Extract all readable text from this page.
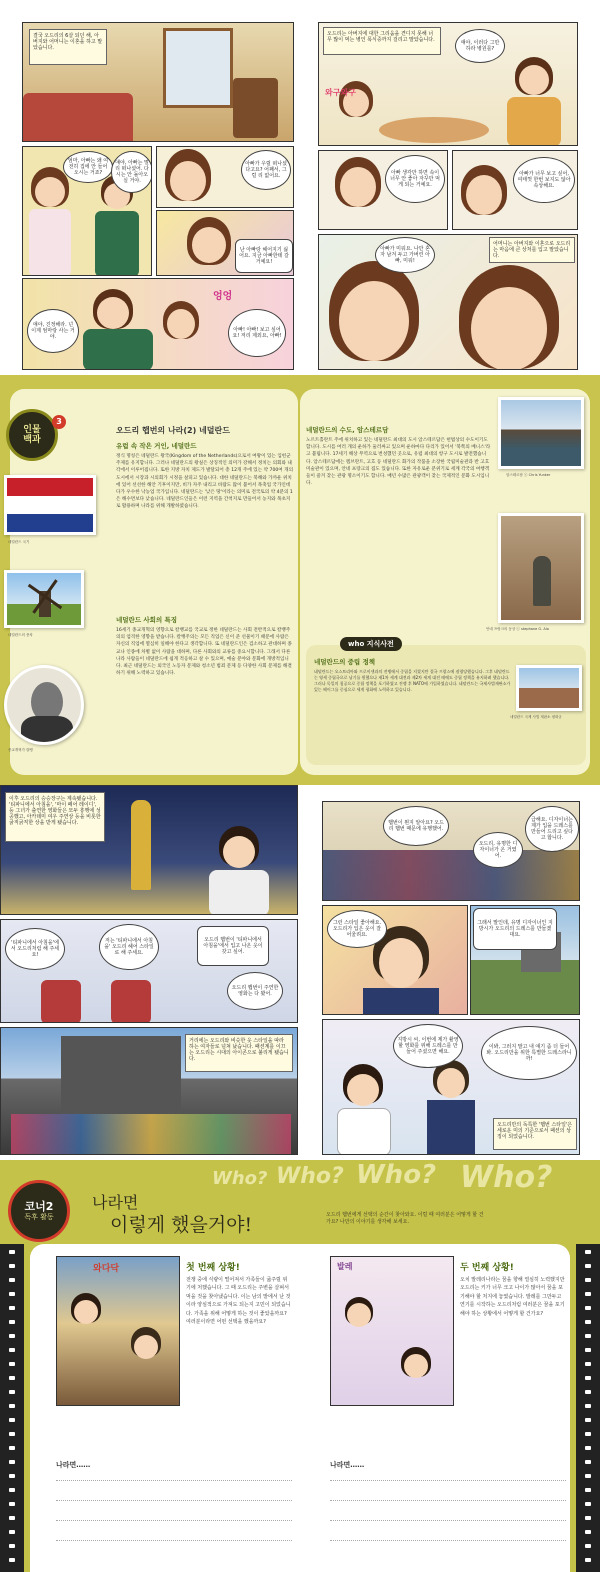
결국 오드리의 6살 되던 해, 아버지와 어머니는 이혼을 하고 말았습니다.
엄마, 아빠는 왜 여전히 집에 안 들어오시는 거죠?
얘야, 아빠는 멀리 떠나셨어. 다시는 안 돌아오실 거야.
아빠가 우릴 떠나셨다고요? 어째서, 그럴 리 없어요.
난 아빠랑 헤어지기 싫어요. 지금 아빠한테 갈 거예요!
얘야, 진정해라. 넌 이제 엄마랑 사는 거야.
엉엉
아빠! 아빠! 보고 싶어요! 저리 제외요, 아빠!
오드리는 아버지에 대한 그리움을 견디지 못해 너무 많이 먹는 병인 폭식증까지 걸리고 말았습니다.	얘야, 이러다 그만하라 병원를?
와구와구
아빠 생각만 하면 속이 너무 안 좋아 자꾸만 먹게 되는 거예요.
아빠가 너무 보고 싶어, 여태껏 한번 보지도 않아 속상해요.
아빠가 미워요. 나만 혼자 남겨 두고 가버린 아빠, 미워!
어머니는 아버지와 이혼으로 오드리는 마음에 큰 상처를 입고 말았습니다.
인물
백과
3
오드리 햅번의 나라(2) 네덜란드
네덜란드 국기
네덜란드의 풍차
종교개혁가 칼뱅
유럽 속 작은 거인, 네덜란드
정식 명칭은 네덜란드 왕국(Kingdom of the Netherlands)으로서 여왕이 있는 입헌군주제를 유지합니다. 그러나 네덜란드의 왕실은 상징적인 의미가 강해서 정치는 의회와 내각에서 이루어집니다. 또한 지방 자치 제도가 발달되어 총 12개 주에 있는 약 700여 개의 도시에서 시장과 시의회가 시정을 살피고 있습니다. 대한 네덜란드는 북해와 가까운 위치에 있어 선선한 해안 기후이지만, 비가 자주 내리고 바람도 많이 불어서 목축업 국가인데다가 우수한 낙농업 국가입니다. 네덜란드는 '낮은 땅'이라는 의미로 전국토의 약 4분의 1은 해수면보다 낮습니다. 네덜란드인들은 이런 지역을 간척지로 만들어서 농지와 목초지로 활용하며 나라를 위해 개발하였습니다.
네덜란드 사회의 특징
16세기 종교개혁의 영향으로 칼뱅교를 국교로 정한 네덜란드는 사회 전반적으로 칼뱅주의의 엄격한 영향을 받습니다. 칼뱅주의는 모든 직업은 신이 준 선물이기 때문에 사람은 자신의 직업에 열심히 일해야 한다고 생각합니다. 또 네덜란드인은 검소하고 관대하며 종교나 인종에 차별 없이 사람을 대하며, 다른 사회와의 교류를 중요시합니다. 그래서 다른 나라 사람들이 네덜란드에 쉽게 적응하고 살 수 있으며, 예술 분야와 문화에 개방적입니다. 최근 네덜란드는 외국인 노동자 문제와 청소년 범죄 문제 등 다양한 사회 문제를 해결하기 위해 노력하고 있습니다.
네덜란드의 수도, 암스테르담
노르트홀란트 주에 위치하고 있는 네덜란드 최대의 도시 암스테르담은 헌법상의 수도이기도 합니다. 도시를 여러 개의 운하가 둘러싸고 있으며 운하마다 다리가 있어서 '북쪽의 베니스'라고 불립니다. 17세기 해상 무역으로 번성했던 곳으로, 유럽 최대의 항구 도시로 발전했습니다. 암스테르담에는 렘브란트, 고흐 등 네덜란드 화가의 작품을 소장한 국립미술관과 반 고흐 미술관이 있으며, 안네 프랑크의 집도 있습니다. 또한 자유로운 분위기로 세계 각국의 여행객들이 즐겨 찾는 관광 명소이기도 합니다. 매년 수많은 관광객이 찾는 국제적인 문화 도시입니다.
암스테르담 ⓒ Chris Yunker
안네 프랑크의 동상 ⓒ stephane G. Alo
who 지식사전
네덜란드의 중립 정책
네덜란드는 오스트리아와 프로이센과의 전쟁에서 중립을 지켰지만 결국 프랑스에 점령당했습니다. 그후 네덜란드는 영세 중립국으로 남기를 원했으나 제1차 세계 대전과 제2차 세계 대전 때에도 중립 정책을 유지하려 했습니다. 그러나 독일의 침공으로 중립 정책을 포기하였고 전쟁 후 NATO에 가입하였습니다. 네덜란드는 국제사법재판소가 있는 헤이그를 중심으로 세계 평화에 노력하고 있습니다.
네덜란드 국제 사법 재판소 평화궁
이후 오드리의 승승장구는 계속됐습니다. '티파니에서 아침을', '마이 페어 레이디', 등 그녀가 출연한 영화들은 모두 흥행에 성공했고, 아카데미 여우 주연상 등을 비롯한 굵직굵직한 상을 받게 됐습니다.
'티파니에서 아침을'에서 오드리처럼 해 주세요!
저는 '티파니에서 아침을' 오드리 헤어 스타일로 해 주세요.
오드리 햅번이 '티파니에서 아침을'에서 입고 나온 옷이 갖고 싶어.
오드리 햅번이 주연한 영화는 다 봤어.
거리에는 오드리와 비슷한 옷 스타일을 따라 하는 여자들로 넘쳐 났습니다. 패션계를 이끄는 오드리는 시대의 아이콘으로 불리게 됐습니다.
햅번이 뭔지 알아요? 오드리 햅번 때문에 유행했어.
오드리, 유명한 디자이너가 온 거였어.
급해요. 디자이너는 제가 입을 드레스를 만들어 드리고 싶다고 합니다.
그런 스타일 좋아해요. 오드리가 입은 옷이 잘 어울려요.
그래서 말인데, 유명 디자이너인 지방시가 오드리의 드레스를 만들겠대요.
지방시 씨, 이번에 제가 촬영할 영화를 위해 드레스를 만들어 주셨으면 해요.
이봐, 그러지 말고 내 얘기 좀 더 들어 봐. 오드리만을 위한 특별한 드레스라니까!
오드리만의 독특한 '햅번 스타일'은 세로운 미의 기준으로서 패션의 상징이 되었습니다.
Who? Who? Who? Who?
코너2
독후 활동
나라면
이렇게 했을거야!	오드리 햅번에게 선택의 순간이 찾아와요. 이럴 때 여러분은 어떻게 할 건가요? 나만의 이야기를 생각해 보세요.
와다닥	첫 번째 상황!
전쟁 중에 식량이 떨어져서 가족들이 굶주릴 위기에 처했습니다. 그 때 오드리는 주변을 살펴서 먹을 것을 찾아냈습니다. 이는 남의 밭에서 난 것이라 양심적으로 가져도 되는지 고민이 되었습니다. 가족을 위해 어떻게 하는 것이 좋았을까요? 여러분이라면 어떤 선택을 했을까요?
발레	두 번째 상황!
오치 발레리나라는 꿈을 향해 열심히 노력했지만 오드리는 키가 너무 크고 나이가 많아서 꿈을 포기해야 할 처지에 놓였습니다. 발레를 그만두고 연기를 시작하는 오드리처럼 여러분은 꿈을 포기해야 하는 상황에서 어떻게 할 건가요?
나라면……	나라면……
